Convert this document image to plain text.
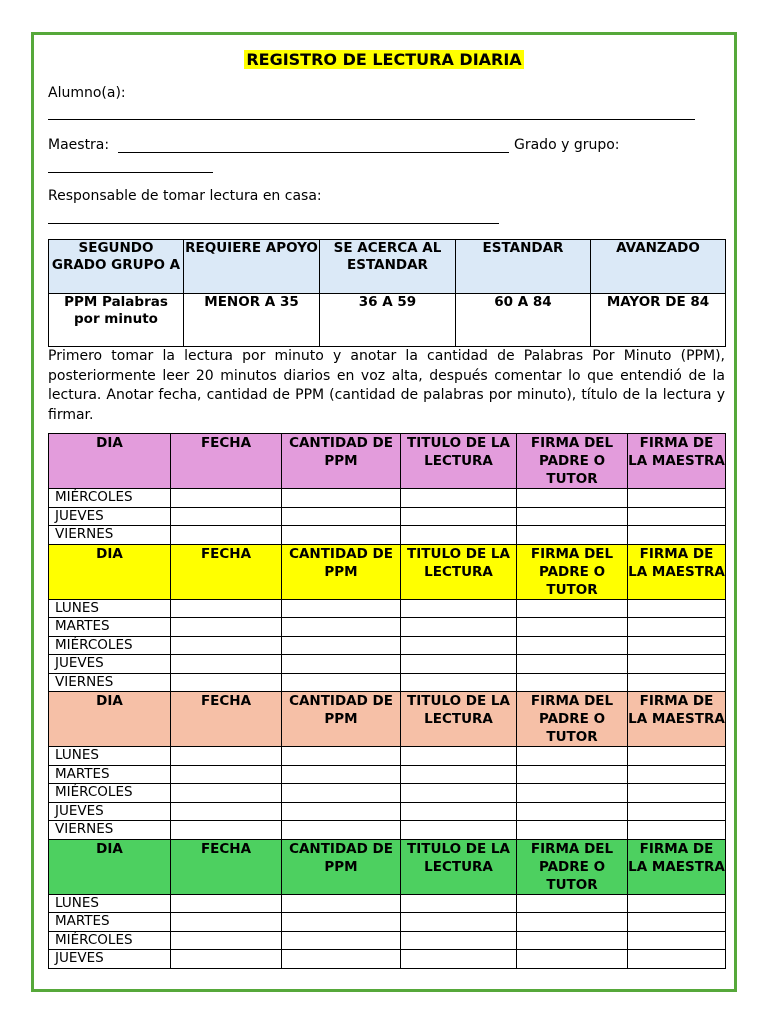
REGISTRO DE LECTURA DIARIA
Alumno(a):
Maestra:	Grado y grupo:
Responsable de tomar lectura en casa:
SEGUNDO GRADO GRUPO A	REQUIERE APOYO	SE ACERCA AL ESTANDAR	ESTANDAR	AVANZADO
PPM Palabras por minuto	MENOR A 35	36 A 59	60 A 84	MAYOR DE 84
Primero tomar la lectura por minuto y anotar la cantidad de Palabras Por Minuto (PPM), posteriormente leer 20 minutos diarios en voz alta, después comentar lo que entendió de la lectura. Anotar fecha, cantidad de PPM (cantidad de palabras por minuto), título de la lectura y firmar.
DIA	FECHA	CANTIDAD DE PPM	TITULO DE LA LECTURA	FIRMA DEL PADRE O TUTOR	FIRMA DE LA MAESTRA
MIÉRCOLES					
JUEVES					
VIERNES					
DIA	FECHA	CANTIDAD DE PPM	TITULO DE LA LECTURA	FIRMA DEL PADRE O TUTOR	FIRMA DE LA MAESTRA
LUNES					
MARTES					
MIÉRCOLES					
JUEVES					
VIERNES					
DIA	FECHA	CANTIDAD DE PPM	TITULO DE LA LECTURA	FIRMA DEL PADRE O TUTOR	FIRMA DE LA MAESTRA
LUNES					
MARTES					
MIÉRCOLES					
JUEVES					
VIERNES					
DIA	FECHA	CANTIDAD DE PPM	TITULO DE LA LECTURA	FIRMA DEL PADRE O TUTOR	FIRMA DE LA MAESTRA
LUNES					
MARTES					
MIÉRCOLES					
JUEVES					
